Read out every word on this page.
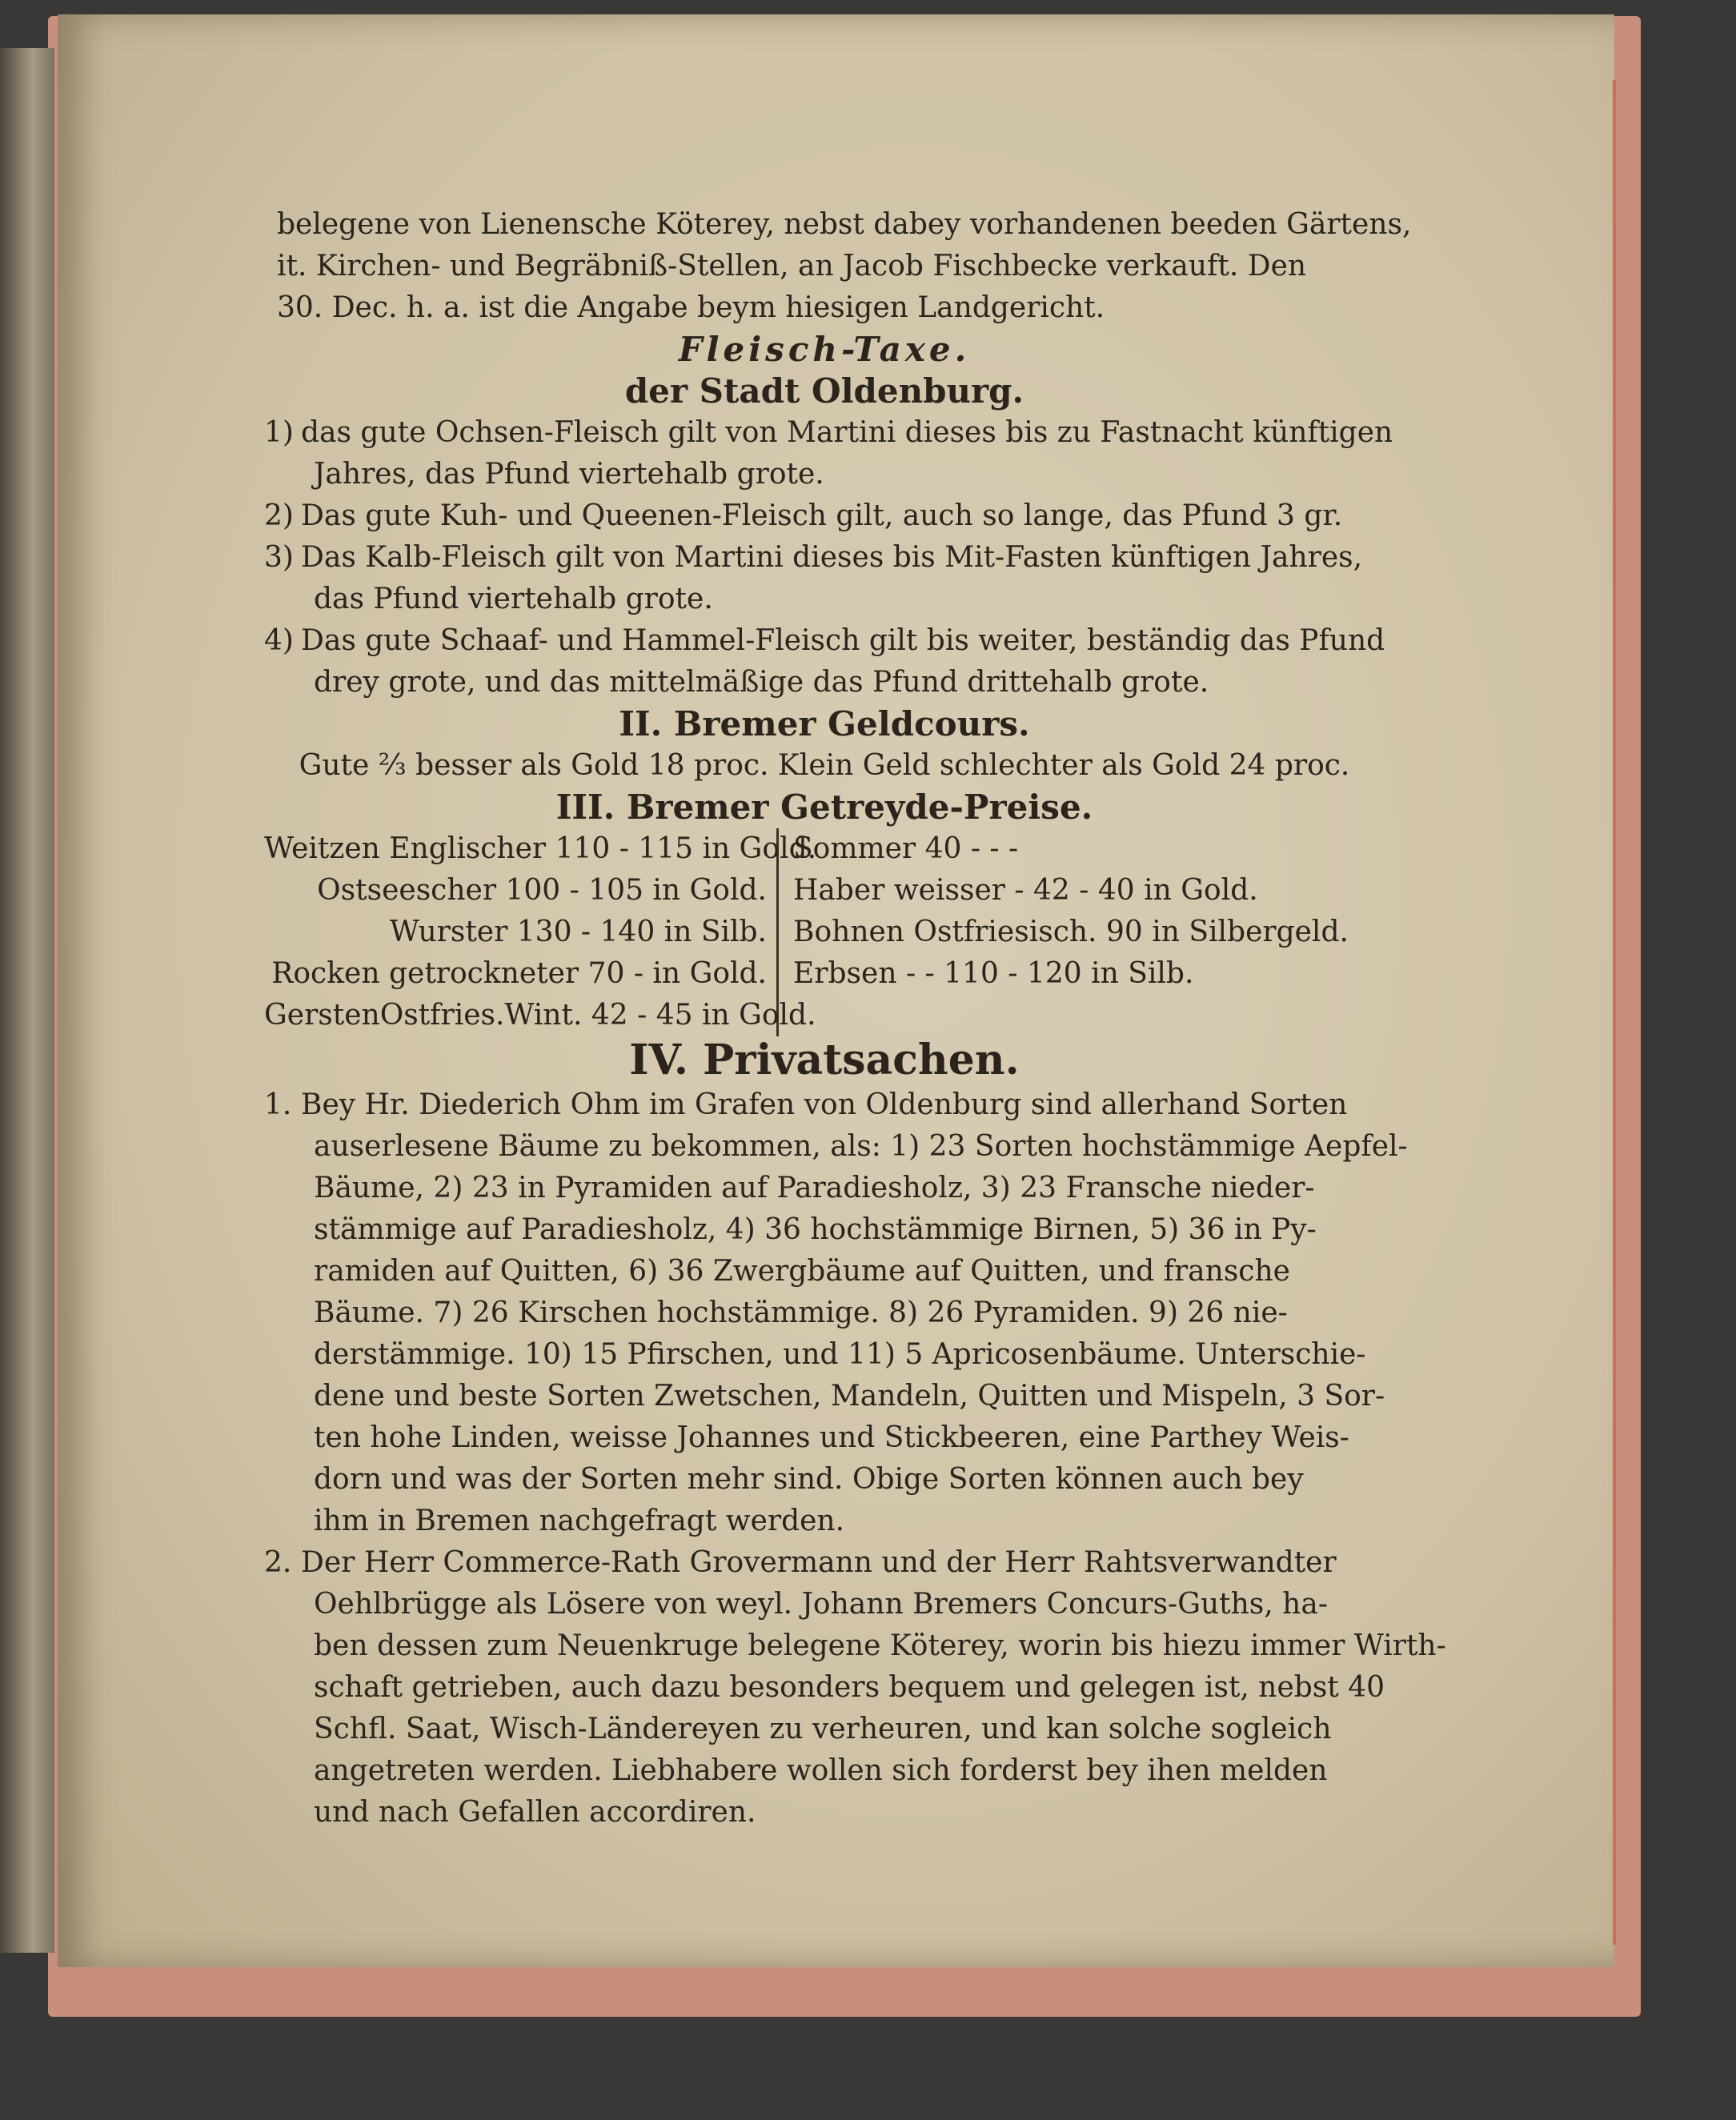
belegene von Lienensche Köterey, nebst dabey vorhandenen beeden Gärtens,
it. Kirchen- und Begräbniß-Stellen, an Jacob Fischbecke verkauft. Den
30. Dec. h. a. ist die Angabe beym hiesigen Landgericht.
Fleisch-Taxe.
der Stadt Oldenburg.
1) das gute Ochsen-Fleisch gilt von Martini dieses bis zu Fastnacht künftigen
Jahres, das Pfund viertehalb grote.
2) Das gute Kuh- und Queenen-Fleisch gilt, auch so lange, das Pfund 3 gr.
3) Das Kalb-Fleisch gilt von Martini dieses bis Mit-Fasten künftigen Jahres,
das Pfund viertehalb grote.
4) Das gute Schaaf- und Hammel-Fleisch gilt bis weiter, beständig das Pfund
drey grote, und das mittelmäßige das Pfund drittehalb grote.
II. Bremer Geldcours.
Gute ⅔ besser als Gold 18 proc. Klein Geld schlechter als Gold 24 proc.
III. Bremer Getreyde-Preise.
Weitzen Englischer 110 - 115 in Gold.
Ostseescher 100 - 105 in Gold.
Wurster 130 - 140 in Silb.
Rocken getrockneter 70 - in Gold.
GerstenOstfries.Wint. 42 - 45 in Gold.
Sommer 40 - - -
Haber weisser - 42 - 40 in Gold.
Bohnen Ostfriesisch. 90 in Silbergeld.
Erbsen - - 110 - 120 in Silb.
IV. Privatsachen.
1. Bey Hr. Diederich Ohm im Grafen von Oldenburg sind allerhand Sorten
auserlesene Bäume zu bekommen, als: 1) 23 Sorten hochstämmige Aepfel-
Bäume, 2) 23 in Pyramiden auf Paradiesholz, 3) 23 Fransche nieder-
stämmige auf Paradiesholz, 4) 36 hochstämmige Birnen, 5) 36 in Py-
ramiden auf Quitten, 6) 36 Zwergbäume auf Quitten, und fransche
Bäume. 7) 26 Kirschen hochstämmige. 8) 26 Pyramiden. 9) 26 nie-
derstämmige. 10) 15 Pfirschen, und 11) 5 Apricosenbäume. Unterschie-
dene und beste Sorten Zwetschen, Mandeln, Quitten und Mispeln, 3 Sor-
ten hohe Linden, weisse Johannes und Stickbeeren, eine Parthey Weis-
dorn und was der Sorten mehr sind. Obige Sorten können auch bey
ihm in Bremen nachgefragt werden.
2. Der Herr Commerce-Rath Grovermann und der Herr Rahtsverwandter
Oehlbrügge als Lösere von weyl. Johann Bremers Concurs-Guths, ha-
ben dessen zum Neuenkruge belegene Köterey, worin bis hiezu immer Wirth-
schaft getrieben, auch dazu besonders bequem und gelegen ist, nebst 40
Schfl. Saat, Wisch-Ländereyen zu verheuren, und kan solche sogleich
angetreten werden. Liebhabere wollen sich forderst bey ihen melden
und nach Gefallen accordiren.
